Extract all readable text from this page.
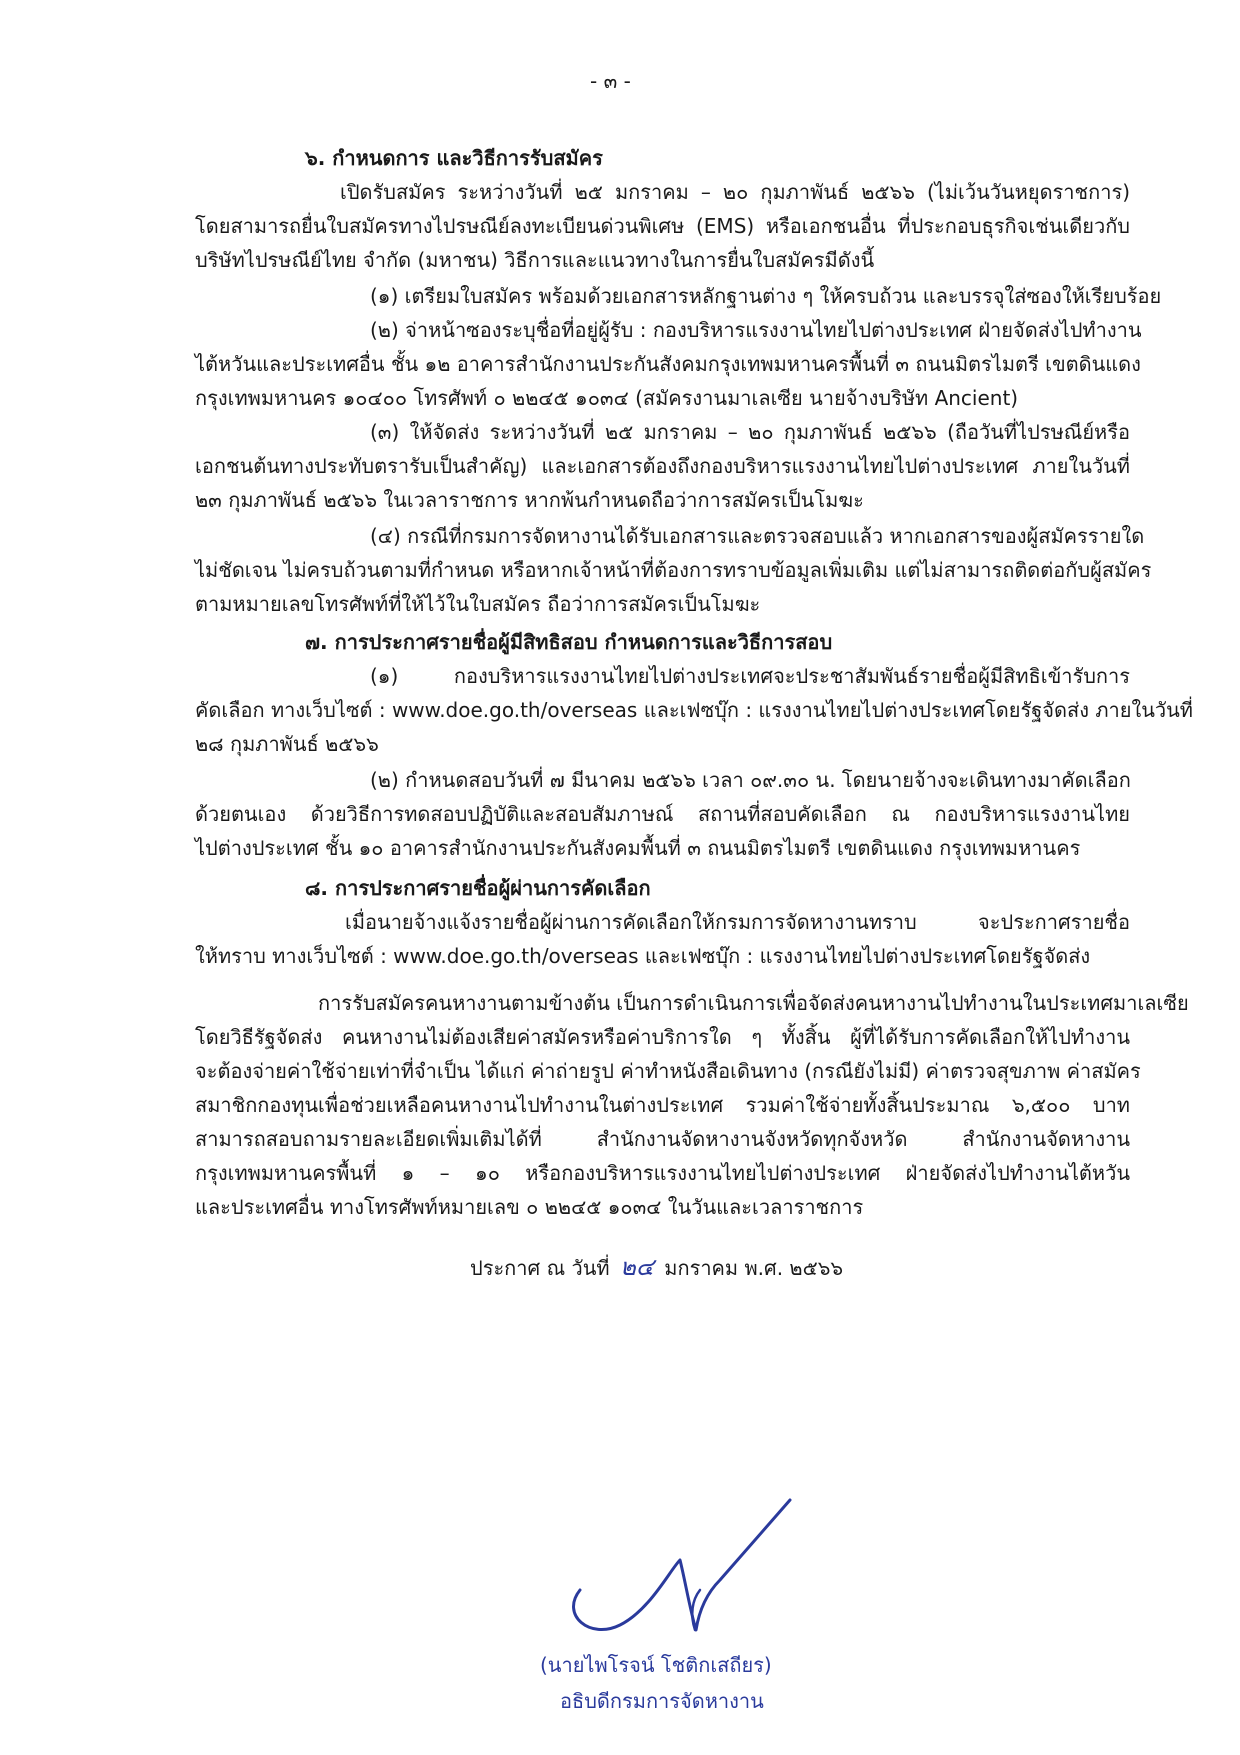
- ๓ -
๖. กำหนดการ และวิธีการรับสมัคร
เปิดรับสมัคร ระหว่างวันที่ ๒๕ มกราคม – ๒๐ กุมภาพันธ์ ๒๕๖๖ (ไม่เว้นวันหยุดราชการ)
โดยสามารถยื่นใบสมัครทางไปรษณีย์ลงทะเบียนด่วนพิเศษ (EMS) หรือเอกชนอื่น ที่ประกอบธุรกิจเช่นเดียวกับ
บริษัทไปรษณีย์ไทย จำกัด (มหาชน) วิธีการและแนวทางในการยื่นใบสมัครมีดังนี้
(๑) เตรียมใบสมัคร พร้อมด้วยเอกสารหลักฐานต่าง ๆ ให้ครบถ้วน และบรรจุใส่ซองให้เรียบร้อย
(๒) จ่าหน้าซองระบุชื่อที่อยู่ผู้รับ : กองบริหารแรงงานไทยไปต่างประเทศ ฝ่ายจัดส่งไปทำงาน
ไต้หวันและประเทศอื่น ชั้น ๑๒ อาคารสำนักงานประกันสังคมกรุงเทพมหานครพื้นที่ ๓ ถนนมิตรไมตรี เขตดินแดง
กรุงเทพมหานคร ๑๐๔๐๐ โทรศัพท์ ๐ ๒๒๔๕ ๑๐๓๔ (สมัครงานมาเลเซีย นายจ้างบริษัท Ancient)
(๓) ให้จัดส่ง ระหว่างวันที่ ๒๕ มกราคม – ๒๐ กุมภาพันธ์ ๒๕๖๖ (ถือวันที่ไปรษณีย์หรือ
เอกชนต้นทางประทับตรารับเป็นสำคัญ) และเอกสารต้องถึงกองบริหารแรงงานไทยไปต่างประเทศ ภายในวันที่
๒๓ กุมภาพันธ์ ๒๕๖๖ ในเวลาราชการ หากพ้นกำหนดถือว่าการสมัครเป็นโมฆะ
(๔) กรณีที่กรมการจัดหางานได้รับเอกสารและตรวจสอบแล้ว หากเอกสารของผู้สมัครรายใด
ไม่ชัดเจน ไม่ครบถ้วนตามที่กำหนด หรือหากเจ้าหน้าที่ต้องการทราบข้อมูลเพิ่มเติม แต่ไม่สามารถติดต่อกับผู้สมัคร
ตามหมายเลขโทรศัพท์ที่ให้ไว้ในใบสมัคร ถือว่าการสมัครเป็นโมฆะ
๗. การประกาศรายชื่อผู้มีสิทธิสอบ กำหนดการและวิธีการสอบ
(๑) กองบริหารแรงงานไทยไปต่างประเทศจะประชาสัมพันธ์รายชื่อผู้มีสิทธิเข้ารับการ
คัดเลือก ทางเว็บไซต์ : www.doe.go.th/overseas และเฟซบุ๊ก : แรงงานไทยไปต่างประเทศโดยรัฐจัดส่ง ภายในวันที่
๒๘ กุมภาพันธ์ ๒๕๖๖
(๒) กำหนดสอบวันที่ ๗ มีนาคม ๒๕๖๖ เวลา ๐๙.๓๐ น. โดยนายจ้างจะเดินทางมาคัดเลือก
ด้วยตนเอง ด้วยวิธีการทดสอบปฏิบัติและสอบสัมภาษณ์ สถานที่สอบคัดเลือก ณ กองบริหารแรงงานไทย
ไปต่างประเทศ ชั้น ๑๐ อาคารสำนักงานประกันสังคมพื้นที่ ๓ ถนนมิตรไมตรี เขตดินแดง กรุงเทพมหานคร
๘. การประกาศรายชื่อผู้ผ่านการคัดเลือก
เมื่อนายจ้างแจ้งรายชื่อผู้ผ่านการคัดเลือกให้กรมการจัดหางานทราบ จะประกาศรายชื่อ
ให้ทราบ ทางเว็บไซต์ : www.doe.go.th/overseas และเฟซบุ๊ก : แรงงานไทยไปต่างประเทศโดยรัฐจัดส่ง
การรับสมัครคนหางานตามข้างต้น เป็นการดำเนินการเพื่อจัดส่งคนหางานไปทำงานในประเทศมาเลเซีย
โดยวิธีรัฐจัดส่ง คนหางานไม่ต้องเสียค่าสมัครหรือค่าบริการใด ๆ ทั้งสิ้น ผู้ที่ได้รับการคัดเลือกให้ไปทำงาน
จะต้องจ่ายค่าใช้จ่ายเท่าที่จำเป็น ได้แก่ ค่าถ่ายรูป ค่าทำหนังสือเดินทาง (กรณียังไม่มี) ค่าตรวจสุขภาพ ค่าสมัคร
สมาชิกกองทุนเพื่อช่วยเหลือคนหางานไปทำงานในต่างประเทศ รวมค่าใช้จ่ายทั้งสิ้นประมาณ ๖,๕๐๐ บาท
สามารถสอบถามรายละเอียดเพิ่มเติมได้ที่ สำนักงานจัดหางานจังหวัดทุกจังหวัด สำนักงานจัดหางาน
กรุงเทพมหานครพื้นที่ ๑ – ๑๐ หรือกองบริหารแรงงานไทยไปต่างประเทศ ฝ่ายจัดส่งไปทำงานไต้หวัน
และประเทศอื่น ทางโทรศัพท์หมายเลข ๐ ๒๒๔๕ ๑๐๓๔ ในวันและเวลาราชการ
ประกาศ ณ วันที่ ๒๔ มกราคม พ.ศ. ๒๕๖๖
(นายไพโรจน์ โชติกเสถียร)
อธิบดีกรมการจัดหางาน
